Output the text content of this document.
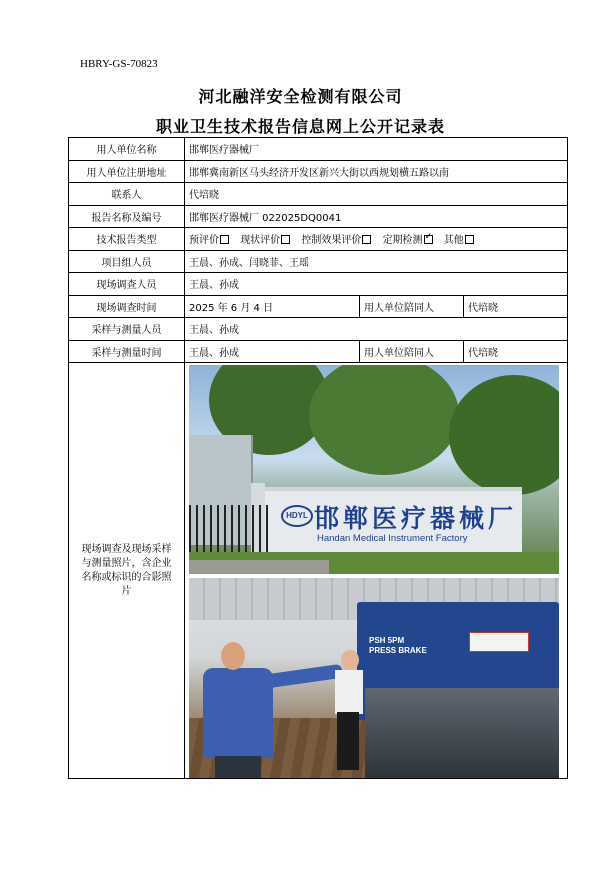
HBRY-GS-70823
河北融洋安全检测有限公司
职业卫生技术报告信息网上公开记录表
用人单位名称	邯郸医疗器械厂		
用人单位注册地址	邯郸冀南新区马头经济开发区新兴大街以西规划横五路以南		
联系人	代培晓		
报告名称及编号	邯郸医疗器械厂 022025DQ0041		
技术报告类型	预评价 现状评价 控制效果评价 定期检测 ✓ 其他
项目组人员	王晨、孙成、闫晓菲、王瑶		
现场调查人员	王晨、孙成		
现场调查时间	2025 年 6 月 4 日	用人单位陪同人	代培晓
采样与测量人员	王晨、孙成		
采样与测量时间	王晨、孙成	用人单位陪同人	代培晓
现场调查及现场采样与测量照片，含企业名称或标识的合影照片	HDYL 邯郸医疗器械厂
Handan Medical Instrument Factory
PSH 5PM
PRESS BRAKE		
